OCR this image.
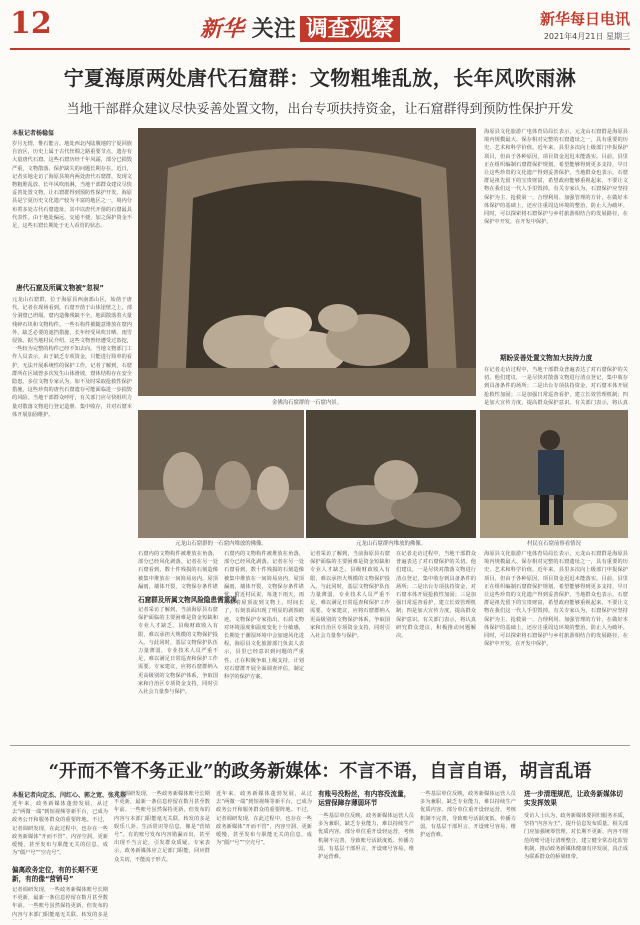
12	新华 关注 调查观察	新华每日电讯
2021年4月21日 星期三
宁夏海原两处唐代石窟群：文物粗堆乱放，长年风吹雨淋
当地干部群众建议尽快妥善处置文物，出台专项扶持资金，让石窟群得到预防性保护开发
本报记者杨稳玺
岁月无情，惟石能言。地处西北内陆腹地的宁夏回族自治区，历史上属于古代丝绸之路重要节点，遗存有大量唐代石窟。这些石窟历经千年风霜，部分已损毁严重，文物散落、保护缺失的问题长期存在。近日，记者实地走访了海原县境内两处唐代石窟群，发现文物粗堆乱放、长年风吹雨淋，当地干部群众建议尽快妥善处置文物，让石窟群得到预防性保护开发。海原县是宁夏历史文化遗产较为丰富的地区之一，境内分布着多处古代石窟遗址，其中以唐代开凿的石窟最具代表性。由于地处偏远、交通不便，加之保护资金不足，这些石窟长期处于无人看管的状态。
唐代石窟及所属文物被“忽视”
元龙山石窟群，位于海原县西南部山区，始凿于唐代。记者在现场看到，石窟开凿于山体崖壁之上，部分洞窟已坍塌，窟内造像残缺不全，地面散落着大量残碎石块和文物构件。一些石构件被随意堆放在窟内外，缺乏必要的遮挡措施，长年经受风吹日晒、雨雪侵蚀。据当地村民介绍，这些文物曾经遭受过盗挖，一些较为完整的构件已经不知去向。当地文物部门工作人员表示，由于缺乏专项资金，只能进行简单的看护，无法开展系统性的保护工作。记者了解到，石窟群所在区域曾多次发生山体滑坡，窟体结构存在安全隐患。多位文物专家认为，如不及时采取抢救性保护措施，这些珍贵的唐代石窟遗存可能面临进一步损毁的风险。当地干部群众呼吁，有关部门应尽快组织力量对散落文物进行登记造册、集中收存，并对石窟本体开展加固维护。
金佛沟石窟群的一石窟内景。
元龙山石窟群的一石窟内堆放的佛像。	元龙山石窟群内堆放的佛像。	村民在石窟前察看情况
石窟内的文物构件被堆放在角落，部分已经风化剥落。记者在另一处石窟看到，数十件残损的石刻造像被集中堆放在一间简易房内，屋顶漏雨，墙体开裂，文物保存条件堪
石窟群及所属文物风险隐患需重视
记者采访了解到，当前海原县石窟保护面临的主要困难是资金短缺和专业人才缺乏。县级财政收入有限，难以承担大规模的文物保护投入。与此同时，基层文物保护队伍力量薄弱，专业技术人员严重不足，难以满足日常巡查和保护工作需要。专家建议，应将石窟群纳入更高级别的文物保护体系，争取国家和自治区专项资金支持，同时引入社会力量参与保护。
石窟内的文物构件被堆放在角落，部分已经风化剥落。记者在另一处石窟看到，数十件残损的石刻造像被集中堆放在一间简易房内，屋顶漏雨，墙体开裂，文物保存条件堪忧。附近村民说，每逢下雨天，雨水顺着屋顶流到文物上，时间长了，石刻表面出现了明显的剥蚀痕迹。文物保护专家指出，石质文物对环境湿度和温度变化十分敏感，长期处于潮湿环境中会加速风化进程。海原县文化旅游部门负责人表示，县里已经意识到问题的严重性，正在积极争取上级支持，计划对石窟群开展全面调查评估，制定科学的保护方案。
记者采访了解到，当前海原县石窟保护面临的主要困难是资金短缺和专业人才缺乏。县级财政收入有限，难以承担大规模的文物保护投入。与此同时，基层文物保护队伍力量薄弱，专业技术人员严重不足，难以满足日常巡查和保护工作需要。专家建议，应将石窟群纳入更高级别的文物保护体系，争取国家和自治区专项资金支持，同时引入社会力量参与保护。
在记者走访过程中，当地干部群众普遍表达了对石窟保护的关切。他们建议，一是尽快对散落文物进行清点登记，集中收存到具备条件的场所；二是出台专项扶持资金，对石窟本体开展抢救性加固；三是加强日常巡查看护，建立长效管理机制；四是加大宣传力度，提高群众保护意识。有关部门表示，将认真研究群众建议，积极推动问题解决。
海原县文化旅游广电体育局局长表示，元龙山石窟群是海原县境内规模最大、保存相对完整的石窟遗址之一，具有重要的历史、艺术和科学价值。近年来，县里多次向上级部门申报保护项目，但由于各种原因，项目资金迟迟未能落实。目前，县里正在组织编制石窟群保护规划，希望能够得到更多支持，早日让这些珍贵的文化遗产得到妥善保护。当地群众也表示，石窟群是祖先留下的宝贵财富，希望政府能够重视起来，不要让文物在我们这一代人手里毁掉。有关专家认为，石窟保护应坚持保护为主、抢救第一、合理利用、加强管理的方针，在做好本体保护的基础上，还应注重周边环境的整治，防止人为破坏。同时，可以探索将石窟保护与乡村旅游相结合的发展路径，在保护中开发，在开发中保护。
期盼妥善处置文物加大扶持力度
在记者走访过程中，当地干部群众普遍表达了对石窟保护的关切。他们建议，一是尽快对散落文物进行清点登记，集中收存到具备条件的场所；二是出台专项扶持资金，对石窟本体开展抢救性加固；三是加强日常巡查看护，建立长效管理机制；四是加大宣传力度，提高群众保护意识。有关部门表示，将认真
海原县文化旅游广电体育局局长表示，元龙山石窟群是海原县境内规模最大、保存相对完整的石窟遗址之一，具有重要的历史、艺术和科学价值。近年来，县里多次向上级部门申报保护项目，但由于各种原因，项目资金迟迟未能落实。目前，县里正在组织编制石窟群保护规划，希望能够得到更多支持，早日让这些珍贵的文化遗产得到妥善保护。当地群众也表示，石窟群是祖先留下的宝贵财富，希望政府能够重视起来，不要让文物在我们这一代人手里毁掉。有关专家认为，石窟保护应坚持保护为主、抢救第一、合理利用、加强管理的方针，在做好本体保护的基础上，还应注重周边环境的整治，防止人为破坏。同时，可以探索将石窟保护与乡村旅游相结合的发展路径，在保护中开发，在开发中保护。
“开而不管不务正业”的政务新媒体：不言不语，自言自语，胡言乱语
本报记者向定杰、闫红心、郭之宽、张兆基
近年来，政务新媒体蓬勃发展，从过去“两微一端”到短视频等新平台，已成为政务公开和服务群众的重要阵地。不过，记者调研发现，在此过程中，也存在一些政务新媒体“开而不管”、内容空洞、更新缓慢，甚至发布与职能无关的信息，成为“僵尸号”“空壳号”。
偏离政务定位，有的长期不更新，有的像“营销号”
记者调研发现，一些政务新媒体账号长期不更新，最新一条信息停留在数月甚至数年前。一些账号虽然保持更新，但发布的内容与本部门职能毫无关联，转发的多是
记者调研发现，一些政务新媒体账号长期不更新，最新一条信息停留在数月甚至数年前。一些账号虽然保持更新，但发布的内容与本部门职能毫无关联，转发的多是娱乐八卦、生活常识等信息，像是“营销号”。有的账号发布内容错漏百出，甚至出现不当言论，引发群众质疑。专家表示，政务新媒体应立足部门职能，回应群众关切，不能流于形式。
近年来，政务新媒体蓬勃发展，从过去“两微一端”到短视频等新平台，已成为政务公开和服务群众的重要阵地。不过，记者调研发现，在此过程中，也存在一些政务新媒体“开而不管”、内容空洞、更新缓慢，甚至发布与职能无关的信息，成为“僵尸号”“空壳号”。
有账号没粉丝，有内容没流量，运营保障存薄弱环节
一些基层单位反映，政务新媒体运营人员多为兼职，缺乏专业能力，难以持续生产优质内容。部分单位重开设轻运营，考核机制不完善，导致账号活跃度低、传播力弱。有基层干部坦言，开设账号容易，维护运营难。
一些基层单位反映，政务新媒体运营人员多为兼职，缺乏专业能力，难以持续生产优质内容。部分单位重开设轻运营，考核机制不完善，导致账号活跃度低、传播力弱。有基层干部坦言，开设账号容易，维护运营难。
进一步清理规范，让政务新媒体切实发挥效果
受访人士认为，政务新媒体要回归服务本质，坚持“内容为王”，提升信息发布质量。相关部门应加强统筹管理，对长期不更新、内容不规范的账号进行清理整合，建立健全常态化监管机制，推动政务新媒体健康有序发展，真正成为联系群众的桥梁纽带。
